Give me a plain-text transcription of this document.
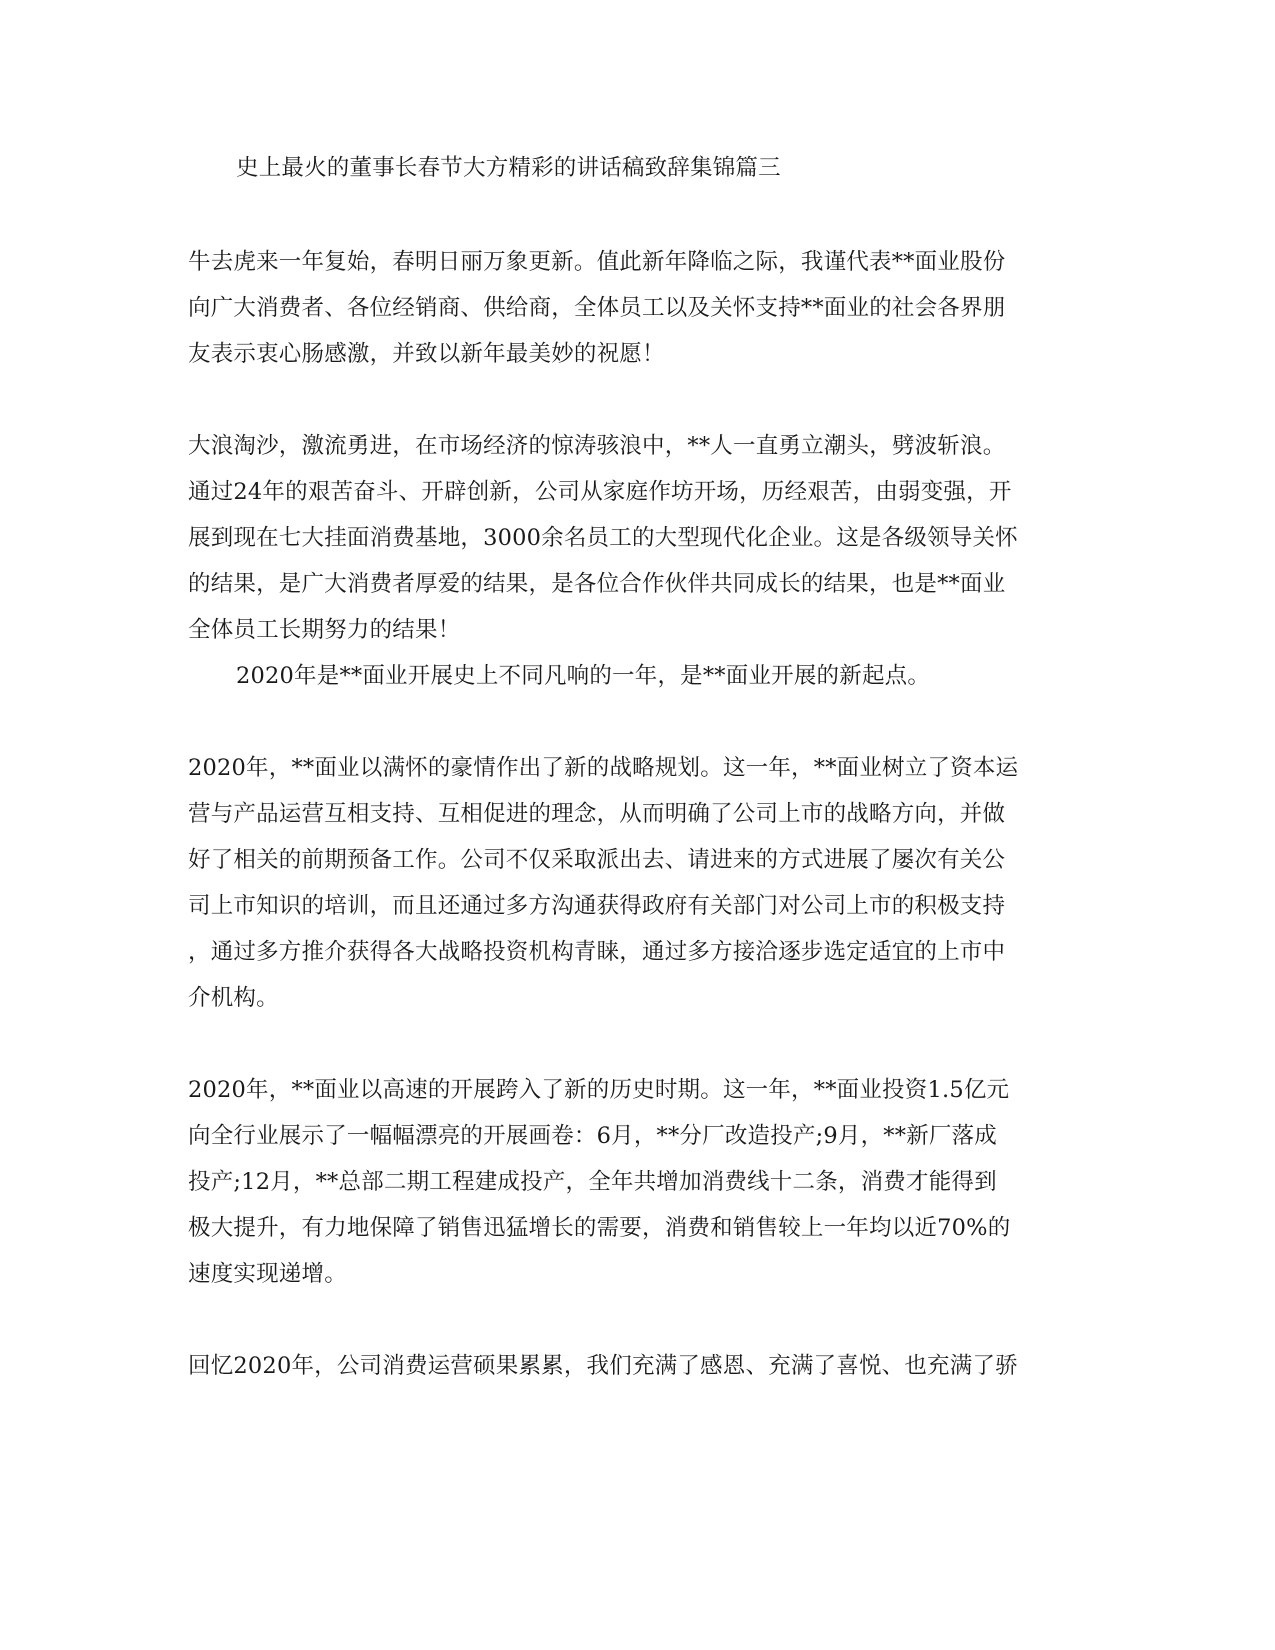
史上最火的董事长春节大方精彩的讲话稿致辞集锦篇三
牛去虎来一年复始，春明日丽万象更新。值此新年降临之际，我谨代表**面业股份
向广大消费者、各位经销商、供给商，全体员工以及关怀支持**面业的社会各界朋
友表示衷心肠感激，并致以新年最美妙的祝愿！
大浪淘沙，激流勇进，在市场经济的惊涛骇浪中，**人一直勇立潮头，劈波斩浪。
通过24年的艰苦奋斗、开辟创新，公司从家庭作坊开场，历经艰苦，由弱变强，开
展到现在七大挂面消费基地，3000余名员工的大型现代化企业。这是各级领导关怀
的结果，是广大消费者厚爱的结果，是各位合作伙伴共同成长的结果，也是**面业
全体员工长期努力的结果！
2020年是**面业开展史上不同凡响的一年，是**面业开展的新起点。
2020年，**面业以满怀的豪情作出了新的战略规划。这一年，**面业树立了资本运
营与产品运营互相支持、互相促进的理念，从而明确了公司上市的战略方向，并做
好了相关的前期预备工作。公司不仅采取派出去、请进来的方式进展了屡次有关公
司上市知识的培训，而且还通过多方沟通获得政府有关部门对公司上市的积极支持
，通过多方推介获得各大战略投资机构青睐，通过多方接洽逐步选定适宜的上市中
介机构。
2020年，**面业以高速的开展跨入了新的历史时期。这一年，**面业投资1.5亿元
向全行业展示了一幅幅漂亮的开展画卷：6月，**分厂改造投产;9月，**新厂落成
投产;12月，**总部二期工程建成投产，全年共增加消费线十二条，消费才能得到
极大提升，有力地保障了销售迅猛增长的需要，消费和销售较上一年均以近70%的
速度实现递增。
回忆2020年，公司消费运营硕果累累，我们充满了感恩、充满了喜悦、也充满了骄
